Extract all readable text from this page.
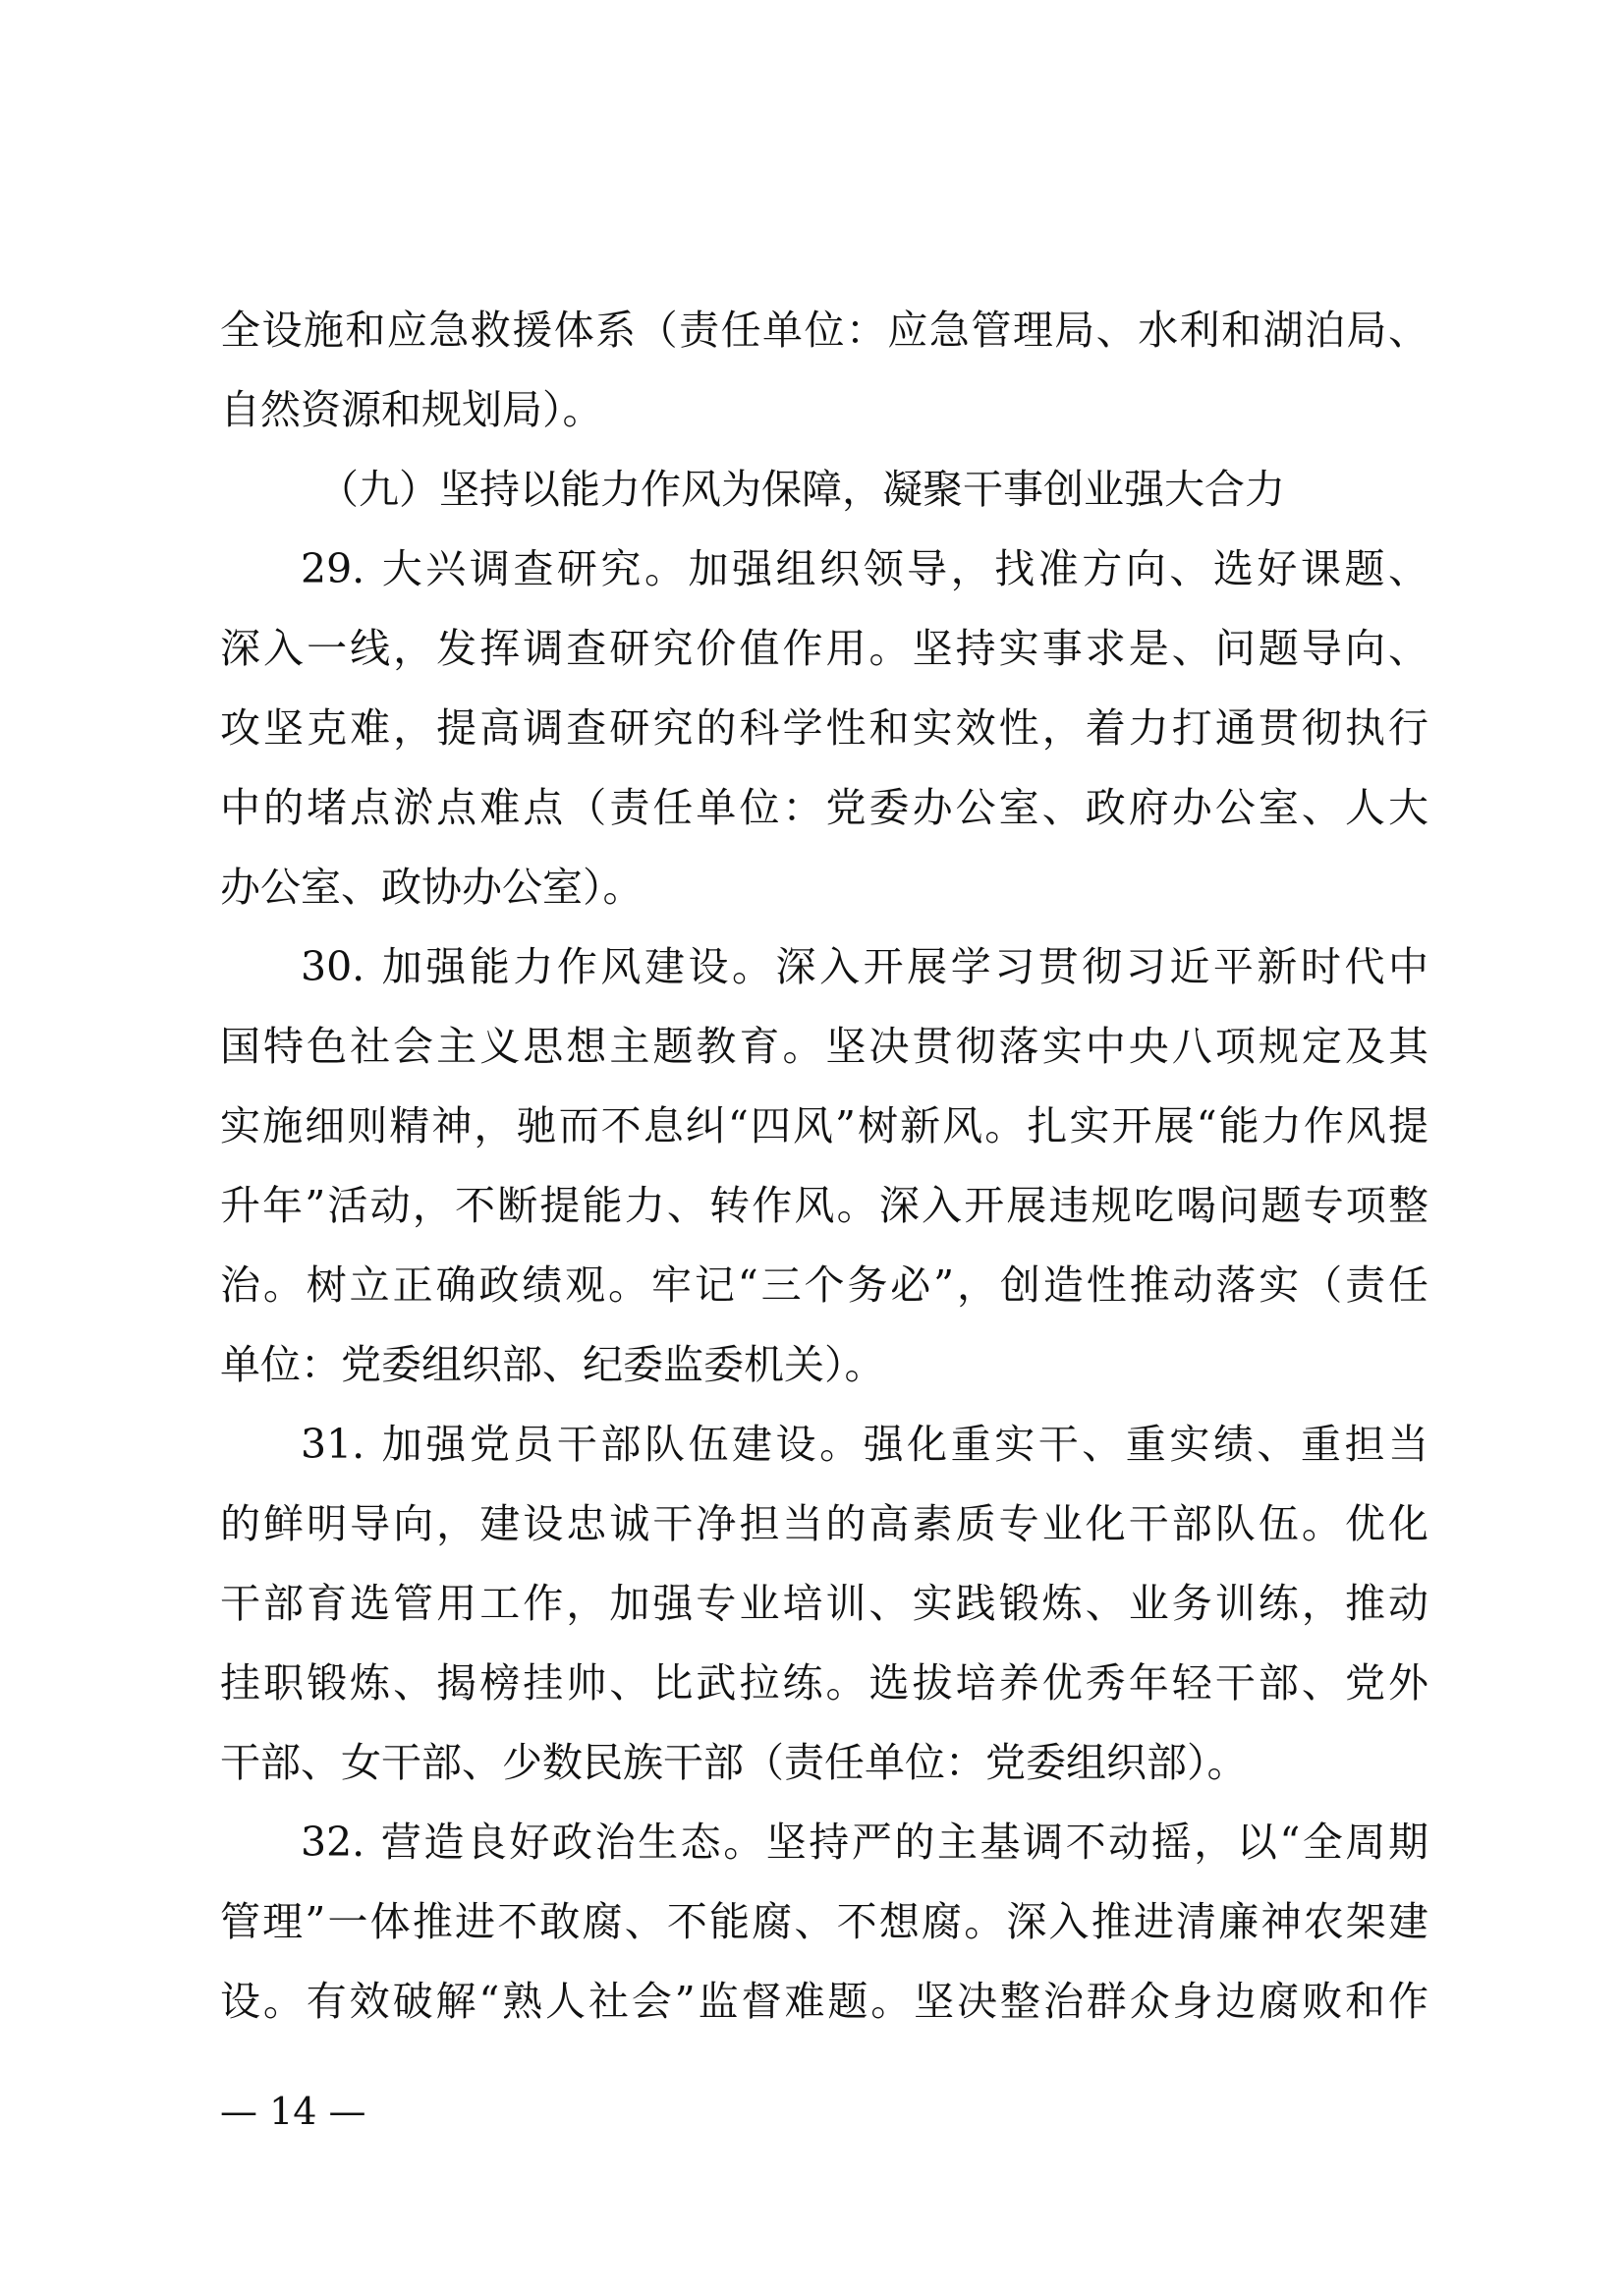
全设施和应急救援体系（责任单位：应急管理局、水利和湖泊局、
自然资源和规划局）。
（九）坚持以能力作风为保障，凝聚干事创业强大合力
29. 大兴调查研究。加强组织领导，找准方向、选好课题、
深入一线，发挥调查研究价值作用。坚持实事求是、问题导向、
攻坚克难，提高调查研究的科学性和实效性，着力打通贯彻执行
中的堵点淤点难点（责任单位：党委办公室、政府办公室、人大
办公室、政协办公室）。
30. 加强能力作风建设。深入开展学习贯彻习近平新时代中
国特色社会主义思想主题教育。坚决贯彻落实中央八项规定及其
实施细则精神，驰而不息纠“四风”树新风。扎实开展“能力作风提
升年”活动，不断提能力、转作风。深入开展违规吃喝问题专项整
治。树立正确政绩观。牢记“三个务必”，创造性推动落实（责任
单位：党委组织部、纪委监委机关）。
31. 加强党员干部队伍建设。强化重实干、重实绩、重担当
的鲜明导向，建设忠诚干净担当的高素质专业化干部队伍。优化
干部育选管用工作，加强专业培训、实践锻炼、业务训练，推动
挂职锻炼、揭榜挂帅、比武拉练。选拔培养优秀年轻干部、党外
干部、女干部、少数民族干部（责任单位：党委组织部）。
32. 营造良好政治生态。坚持严的主基调不动摇，以“全周期
管理”一体推进不敢腐、不能腐、不想腐。深入推进清廉神农架建
设。有效破解“熟人社会”监督难题。坚决整治群众身边腐败和作
— 14 —
